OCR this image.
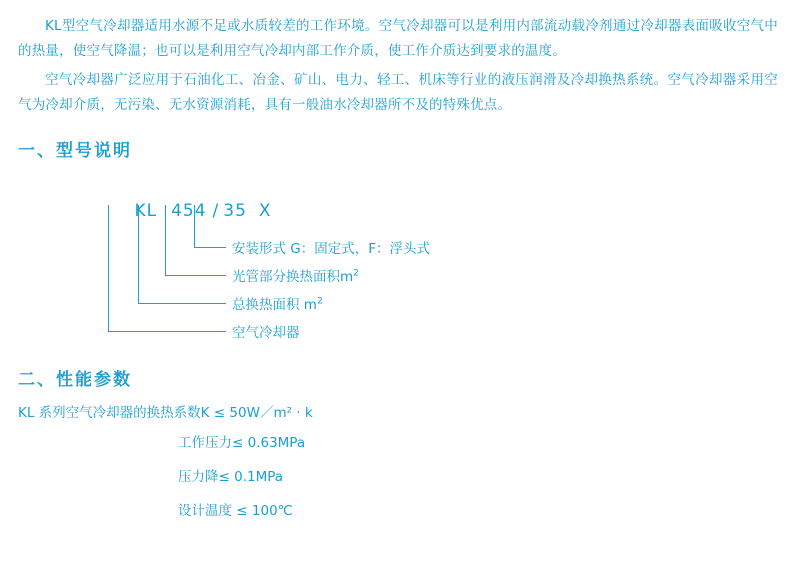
KL型空气冷却器适用水源不足或水质较差的工作环境。空气冷却器可以是利用内部流动载冷剂通过冷却器表面吸收空气中的热量，使空气降温；也可以是利用空气冷却内部工作介质，使工作介质达到要求的温度。

空气冷却器广泛应用于石油化工、冶金、矿山、电力、轻工、机床等行业的液压润滑及冷却换热系统。空气冷却器采用空气为冷却介质，无污染、无水资源消耗，具有一般油水冷却器所不及的特殊优点。

一、型号说明

KL 454 / 35 X

安装形式 G：固定式，F：浮头式
光管部分换热面积$m^2$
总换热面积 $m^2$
空气冷却器
二、性能参数

KL 系列空气冷却器的换热系数K ≤ 50W／m² · k

工作压力≤ 0.63MPa
压力降≤ 0.1MPa
设计温度 ≤ 100℃
